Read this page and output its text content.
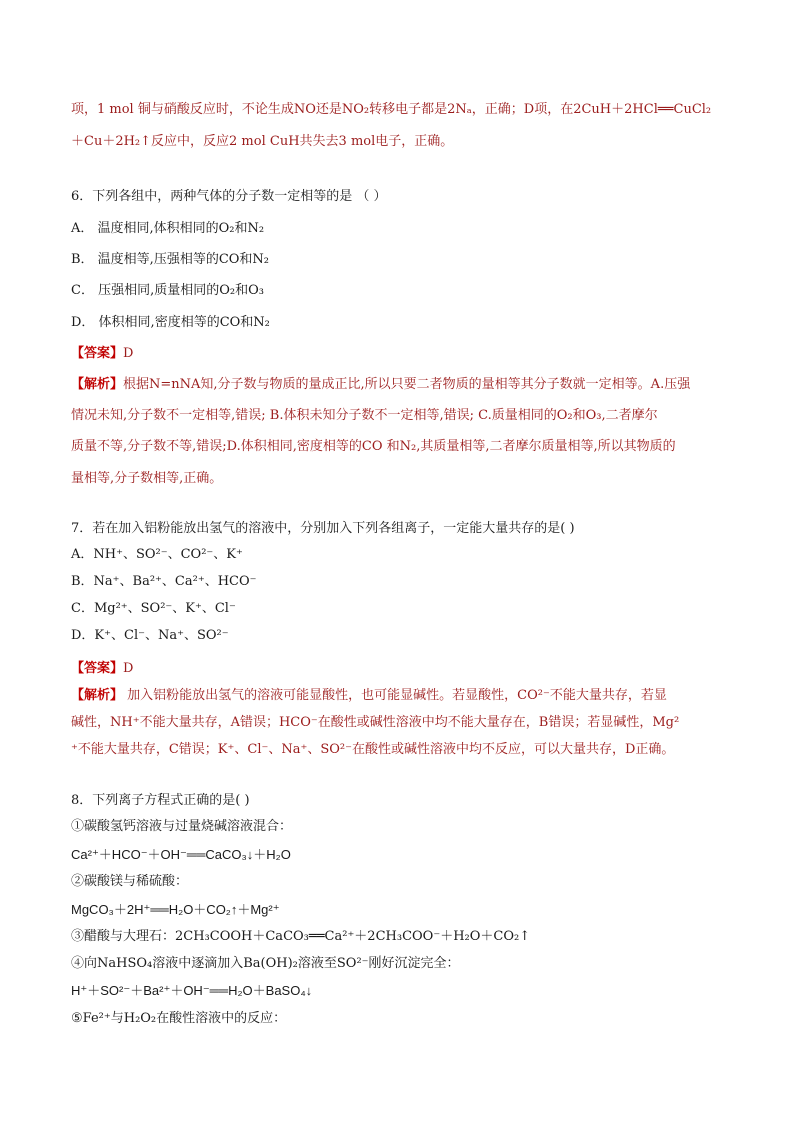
项，1 mol 铜与硝酸反应时，不论生成NO还是NO₂转移电子都是2Nₐ，正确；D项，在2CuH＋2HCl══CuCl₂
＋Cu＋2H₂↑反应中，反应2 mol CuH共失去3 mol电子，正确。
6．下列各组中，两种气体的分子数一定相等的是 （ ）
A． 温度相同,体积相同的O₂和N₂
B． 温度相等,压强相等的CO和N₂
C． 压强相同,质量相同的O₂和O₃
D． 体积相同,密度相等的CO和N₂
【答案】D
【解析】根据N=nNA知,分子数与物质的量成正比,所以只要二者物质的量相等其分子数就一定相等。A.压强
情况未知,分子数不一定相等,错误; B.体积未知分子数不一定相等,错误; C.质量相同的O₂和O₃,二者摩尔
质量不等,分子数不等,错误;D.体积相同,密度相等的CO 和N₂,其质量相等,二者摩尔质量相等,所以其物质的
量相等,分子数相等,正确。
7．若在加入铝粉能放出氢气的溶液中，分别加入下列各组离子，一定能大量共存的是( )
A．NH⁺、SO²⁻、CO²⁻、K⁺
B．Na⁺、Ba²⁺、Ca²⁺、HCO⁻
C．Mg²⁺、SO²⁻、K⁺、Cl⁻
D．K⁺、Cl⁻、Na⁺、SO²⁻
【答案】D
【解析】 加入铝粉能放出氢气的溶液可能显酸性，也可能显碱性。若显酸性，CO²⁻不能大量共存，若显
碱性，NH⁺不能大量共存，A错误；HCO⁻在酸性或碱性溶液中均不能大量存在，B错误；若显碱性，Mg²
⁺不能大量共存，C错误；K⁺、Cl⁻、Na⁺、SO²⁻在酸性或碱性溶液中均不反应，可以大量共存，D正确。
8．下列离子方程式正确的是( )
①碳酸氢钙溶液与过量烧碱溶液混合：
Ca²⁺＋HCO⁻＋OH⁻══CaCO₃↓＋H₂O
②碳酸镁与稀硫酸：
MgCO₃＋2H⁺══H₂O＋CO₂↑＋Mg²⁺
③醋酸与大理石：2CH₃COOH＋CaCO₃══Ca²⁺＋2CH₃COO⁻＋H₂O＋CO₂↑
④向NaHSO₄溶液中逐滴加入Ba(OH)₂溶液至SO²⁻刚好沉淀完全：
H⁺＋SO²⁻＋Ba²⁺＋OH⁻══H₂O＋BaSO₄↓
⑤Fe²⁺与H₂O₂在酸性溶液中的反应：
